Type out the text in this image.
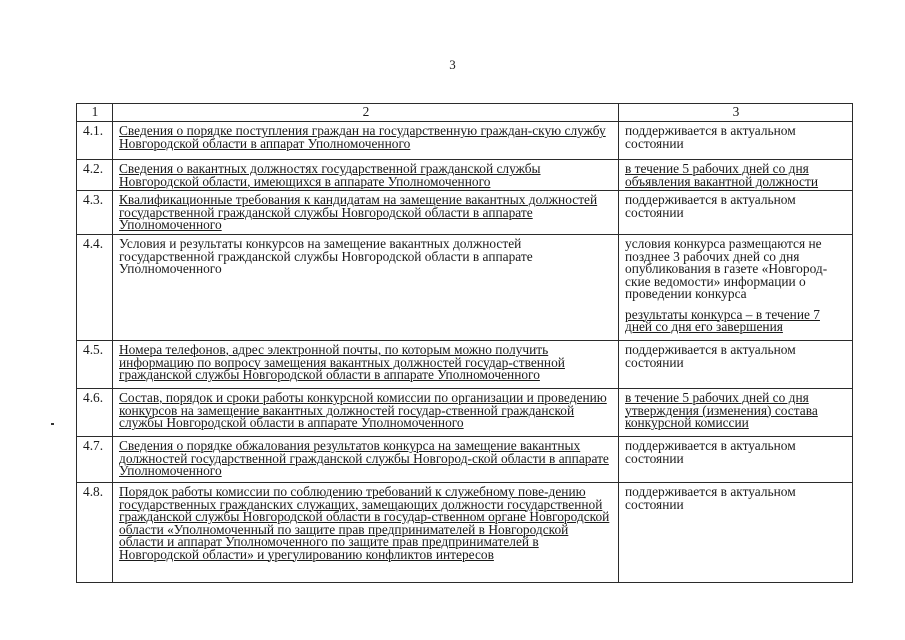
3
1	2	3
4.1.	Сведения о порядке поступления граждан на государственную граждан-скую службу Новгородской области в аппарат Уполномоченного	поддерживается в актуальном состоянии
4.2.	Сведения о вакантных должностях государственной гражданской службы Новгородской области, имеющихся в аппарате Уполномоченного	в течение 5 рабочих дней со дня объявления вакантной должности
4.3.	Квалификационные требования к кандидатам на замещение вакантных должностей государственной гражданской службы Новгородской области в аппарате Уполномоченного	поддерживается в актуальном состоянии
4.4.	Условия и результаты конкурсов на замещение вакантных должностей государственной гражданской службы Новгородской области в аппарате Уполномоченного	условия конкурса размещаются не позднее 3 рабочих дней со дня опубликования в газете «Новгород-ские ведомости» информации о проведении конкурса
результаты конкурса – в течение 7 дней со дня его завершения

4.5.	Номера телефонов, адрес электронной почты, по которым можно получить информацию по вопросу замещения вакантных должностей государ-ственной гражданской службы Новгородской области в аппарате Уполномоченного	поддерживается в актуальном состоянии
4.6.	Состав, порядок и сроки работы конкурсной комиссии по организации и проведению конкурсов на замещение вакантных должностей государ-ственной гражданской службы Новгородской области в аппарате Уполномоченного	в течение 5 рабочих дней со дня утверждения (изменения) состава конкурсной комиссии
4.7.	Сведения о порядке обжалования результатов конкурса на замещение вакантных должностей государственной гражданской службы Новгород-ской области в аппарате Уполномоченного	поддерживается в актуальном состоянии
4.8.	Порядок работы комиссии по соблюдению требований к служебному пове-дению государственных гражданских служащих, замещающих должности государственной гражданской службы Новгородской области в государ-ственном органе Новгородской области «Уполномоченный по защите прав предпринимателей в Новгородской области и аппарат Уполномоченного по защите прав предпринимателей в Новгородской области» и урегулированию конфликтов интересов	поддерживается в актуальном состоянии
